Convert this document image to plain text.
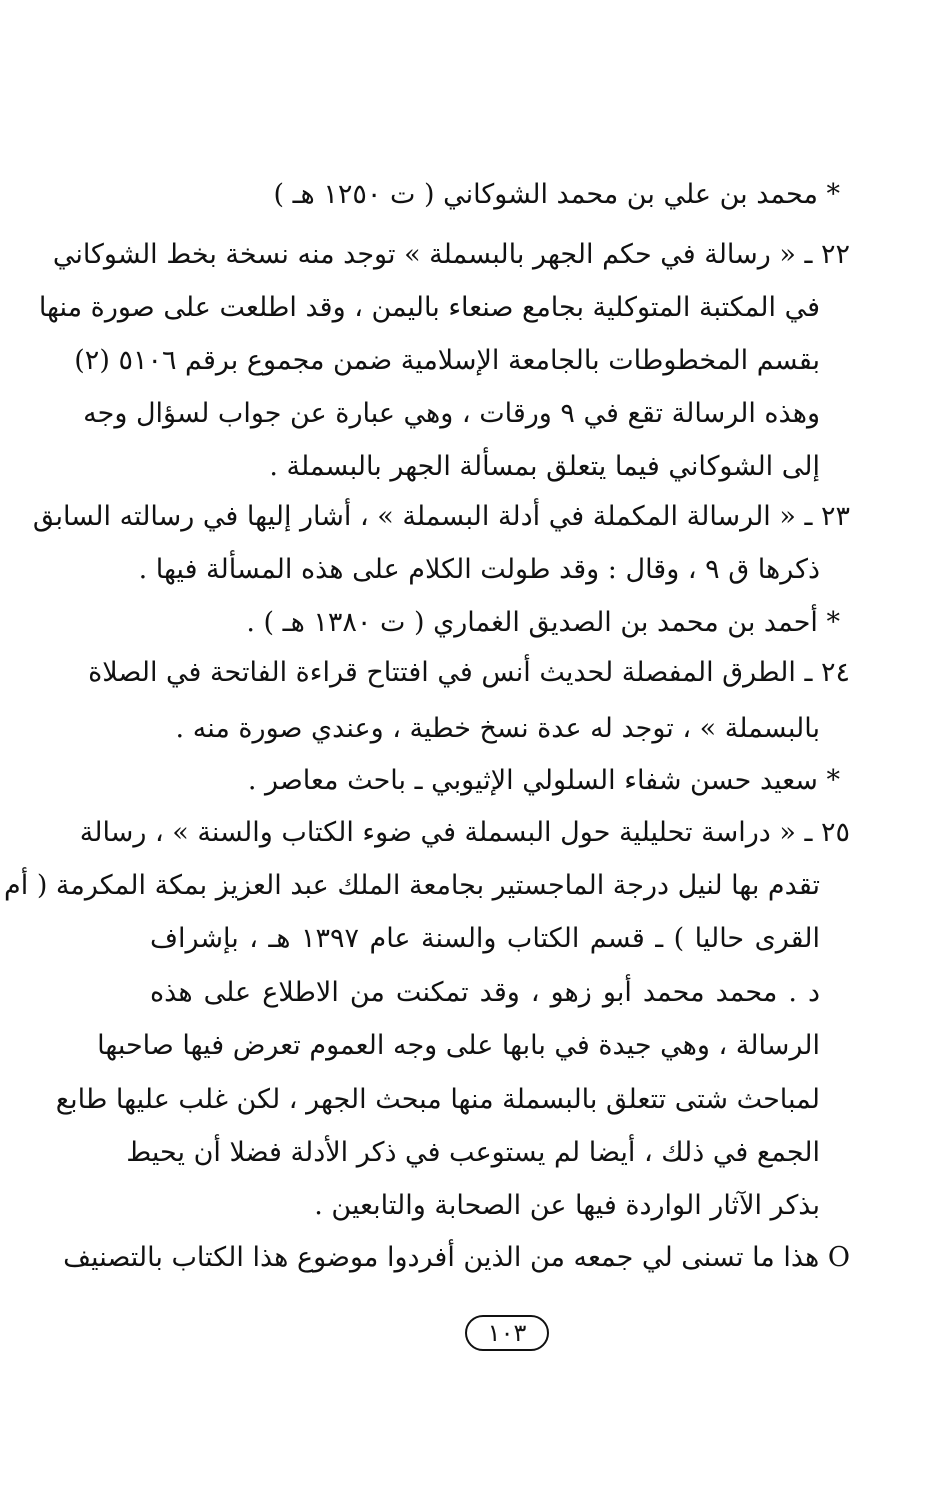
* محمد بن علي بن محمد الشوكاني ( ت ١٢٥٠ هـ )
٢٢ ـ « رسالة في حكم الجهر بالبسملة » توجد منه نسخة بخط الشوكاني
في المكتبة المتوكلية بجامع صنعاء باليمن ، وقد اطلعت على صورة منها
بقسم المخطوطات بالجامعة الإسلامية ضمن مجموع برقم ٥١٠٦ (٢)
وهذه الرسالة تقع في ٩ ورقات ، وهي عبارة عن جواب لسؤال وجه
إلى الشوكاني فيما يتعلق بمسألة الجهر بالبسملة .
٢٣ ـ « الرسالة المكملة في أدلة البسملة » ، أشار إليها في رسالته السابق
ذكرها ق ٩ ، وقال : وقد طولت الكلام على هذه المسألة فيها .
* أحمد بن محمد بن الصديق الغماري ( ت ١٣٨٠ هـ ) .
٢٤ ـ الطرق المفصلة لحديث أنس في افتتاح قراءة الفاتحة في الصلاة
بالبسملة » ، توجد له عدة نسخ خطية ، وعندي صورة منه .
* سعيد حسن شفاء السلولي الإثيوبي ـ باحث معاصر .
٢٥ ـ « دراسة تحليلية حول البسملة في ضوء الكتاب والسنة » ، رسالة
تقدم بها لنيل درجة الماجستير بجامعة الملك عبد العزيز بمكة المكرمة ( أم
القرى حاليا ) ـ قسم الكتاب والسنة عام ١٣٩٧ هـ ، بإشراف
د . محمد محمد أبو زهو ، وقد تمكنت من الاطلاع على هذه
الرسالة ، وهي جيدة في بابها على وجه العموم تعرض فيها صاحبها
لمباحث شتى تتعلق بالبسملة منها مبحث الجهر ، لكن غلب عليها طابع
الجمع في ذلك ، أيضا لم يستوعب في ذكر الأدلة فضلا أن يحيط
بذكر الآثار الواردة فيها عن الصحابة والتابعين .
O هذا ما تسنى لي جمعه من الذين أفردوا موضوع هذا الكتاب بالتصنيف
١٠٣
